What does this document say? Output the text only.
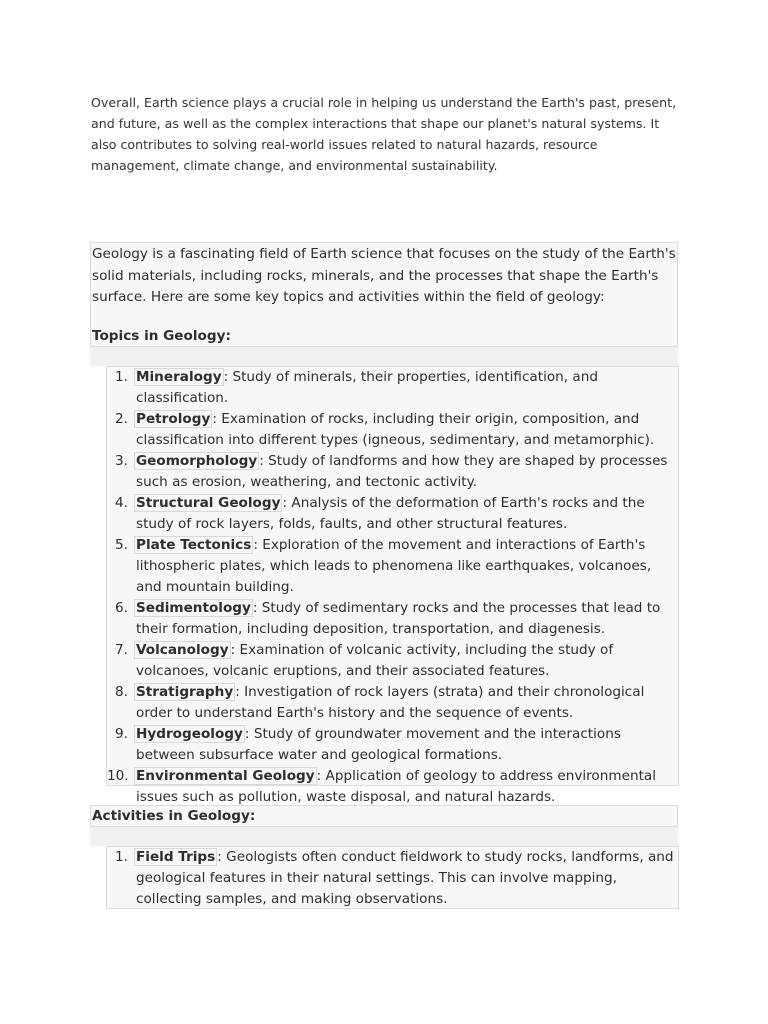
Overall, Earth science plays a crucial role in helping us understand the Earth's past, present, and future, as well as the complex interactions that shape our planet's natural systems. It also contributes to solving real-world issues related to natural hazards, resource management, climate change, and environmental sustainability.

Geology is a fascinating field of Earth science that focuses on the study of the Earth's solid materials, including rocks, minerals, and the processes that shape the Earth's surface. Here are some key topics and activities within the field of geology:

Topics in Geology:
1. Mineralogy : Study of minerals, their properties, identification, and classification.
2. Petrology : Examination of rocks, including their origin, composition, and classification into different types (igneous, sedimentary, and metamorphic).
3. Geomorphology : Study of landforms and how they are shaped by processes such as erosion, weathering, and tectonic activity.
4. Structural Geology : Analysis of the deformation of Earth's rocks and the study of rock layers, folds, faults, and other structural features.
5. Plate Tectonics : Exploration of the movement and interactions of Earth's lithospheric plates, which leads to phenomena like earthquakes, volcanoes, and mountain building.
6. Sedimentology : Study of sedimentary rocks and the processes that lead to their formation, including deposition, transportation, and diagenesis.
7. Volcanology : Examination of volcanic activity, including the study of volcanoes, volcanic eruptions, and their associated features.
8. Stratigraphy : Investigation of rock layers (strata) and their chronological order to understand Earth's history and the sequence of events.
9. Hydrogeology : Study of groundwater movement and the interactions between subsurface water and geological formations.
10. Environmental Geology : Application of geology to address environmental issues such as pollution, waste disposal, and natural hazards.
Activities in Geology:
1. Field Trips : Geologists often conduct fieldwork to study rocks, landforms, and geological features in their natural settings. This can involve mapping, collecting samples, and making observations.
